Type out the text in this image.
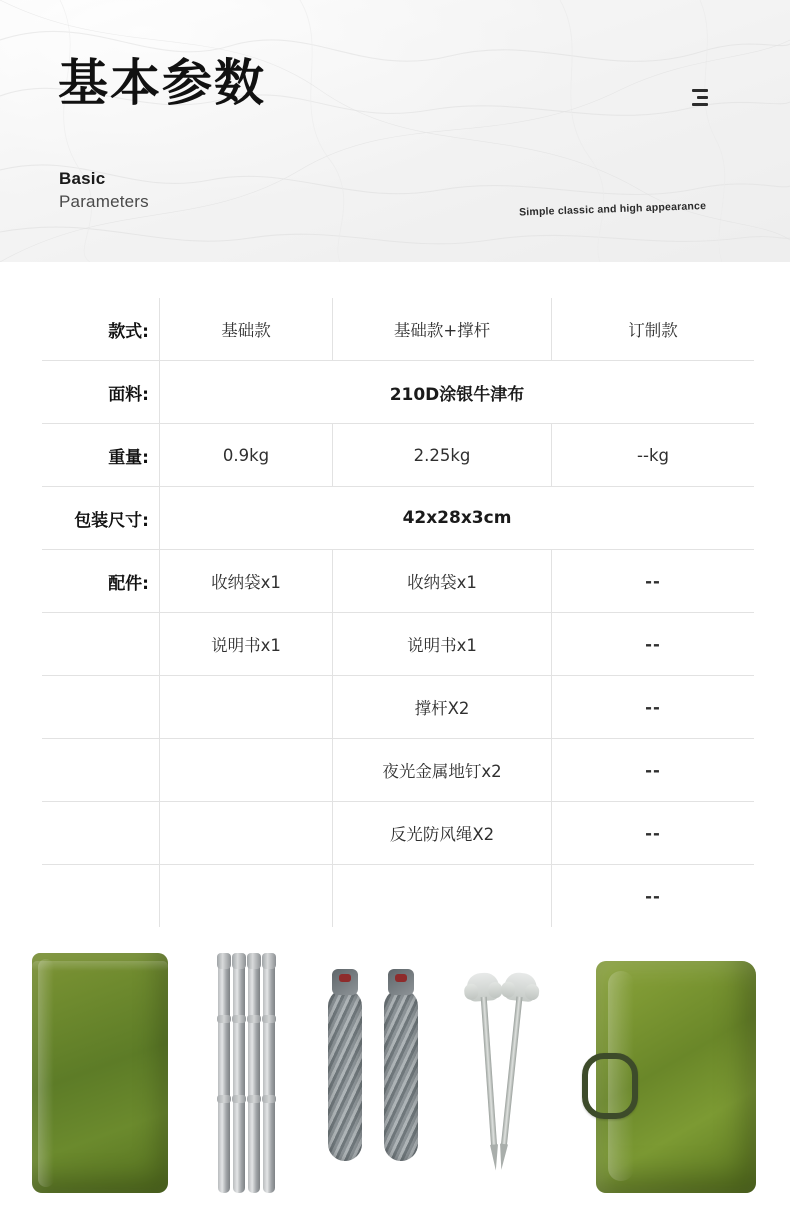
基本参数
Basic
Parameters	Simple classic and high appearance
款式:	基础款	基础款+撑杆	订制款
面料:	210D涂银牛津布		
重量:	0.9kg	2.25kg	--kg
包装尺寸:	42x28x3cm		
配件:	收纳袋x1	收纳袋x1	--
	说明书x1	说明书x1	--
		撑杆X2	--
		夜光金属地钉x2	--
		反光防风绳X2	--
			--
